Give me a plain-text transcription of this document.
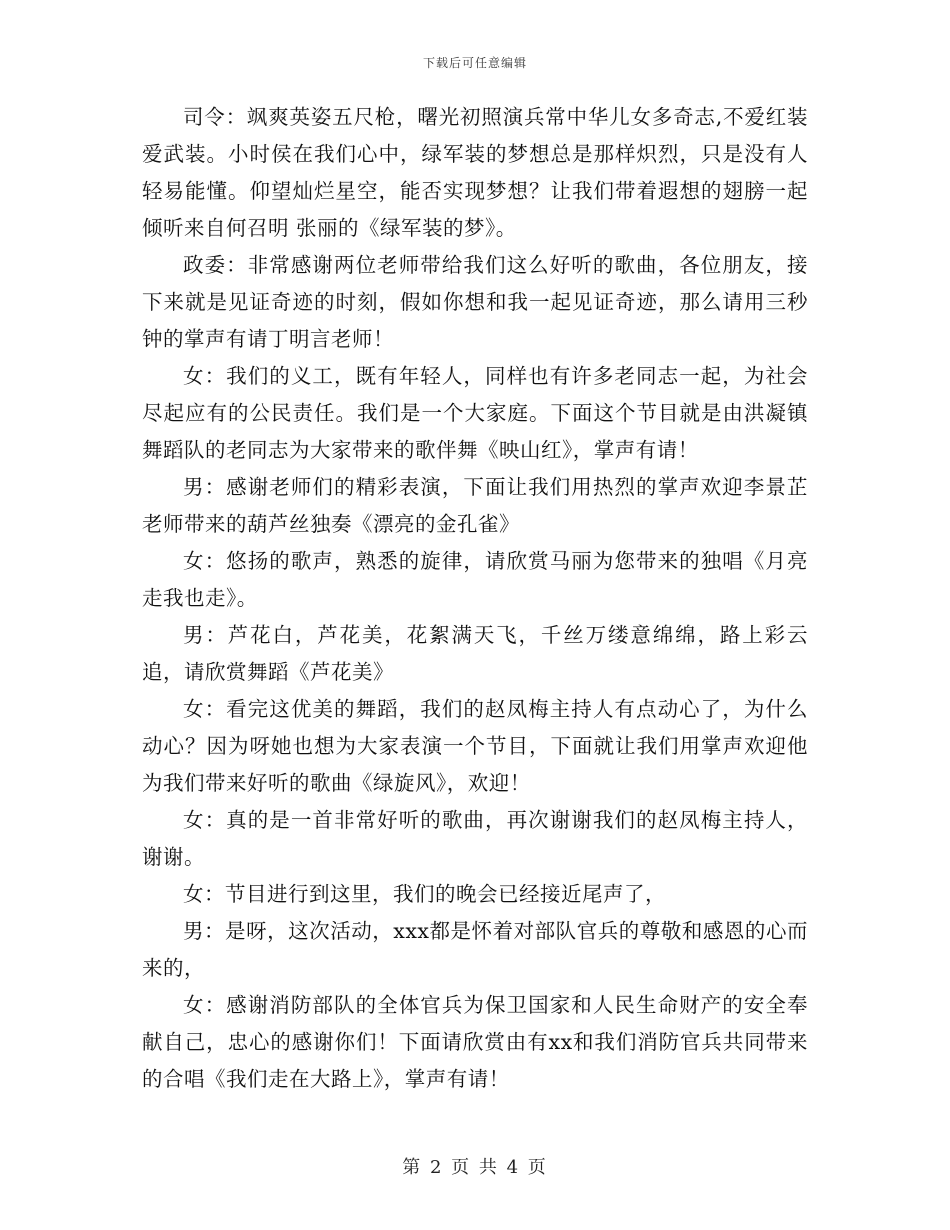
下载后可任意编辑

司令：飒爽英姿五尺枪，曙光初照演兵常中华儿女多奇志,不爱红装爱武装。小时侯在我们心中，绿军装的梦想总是那样炽烈，只是没有人轻易能懂。仰望灿烂星空，能否实现梦想？让我们带着遐想的翅膀一起倾听来自何召明 张丽的《绿军装的梦》。

政委：非常感谢两位老师带给我们这么好听的歌曲，各位朋友，接下来就是见证奇迹的时刻，假如你想和我一起见证奇迹，那么请用三秒钟的掌声有请丁明言老师！

女：我们的义工，既有年轻人，同样也有许多老同志一起，为社会尽起应有的公民责任。我们是一个大家庭。下面这个节目就是由洪凝镇舞蹈队的老同志为大家带来的歌伴舞《映山红》，掌声有请！

男：感谢老师们的精彩表演，下面让我们用热烈的掌声欢迎李景芷老师带来的葫芦丝独奏《漂亮的金孔雀》

女：悠扬的歌声，熟悉的旋律，请欣赏马丽为您带来的独唱《月亮走我也走》。

男：芦花白，芦花美，花絮满天飞，千丝万缕意绵绵，路上彩云追，请欣赏舞蹈《芦花美》

女：看完这优美的舞蹈，我们的赵凤梅主持人有点动心了，为什么动心？因为呀她也想为大家表演一个节目，下面就让我们用掌声欢迎他为我们带来好听的歌曲《绿旋风》，欢迎！

女：真的是一首非常好听的歌曲，再次谢谢我们的赵凤梅主持人，谢谢。

女：节目进行到这里，我们的晚会已经接近尾声了，

男：是呀，这次活动，xxx都是怀着对部队官兵的尊敬和感恩的心而来的，

女：感谢消防部队的全体官兵为保卫国家和人民生命财产的安全奉献自己，忠心的感谢你们！下面请欣赏由有xx和我们消防官兵共同带来的合唱《我们走在大路上》，掌声有请！

第 2 页 共 4 页
